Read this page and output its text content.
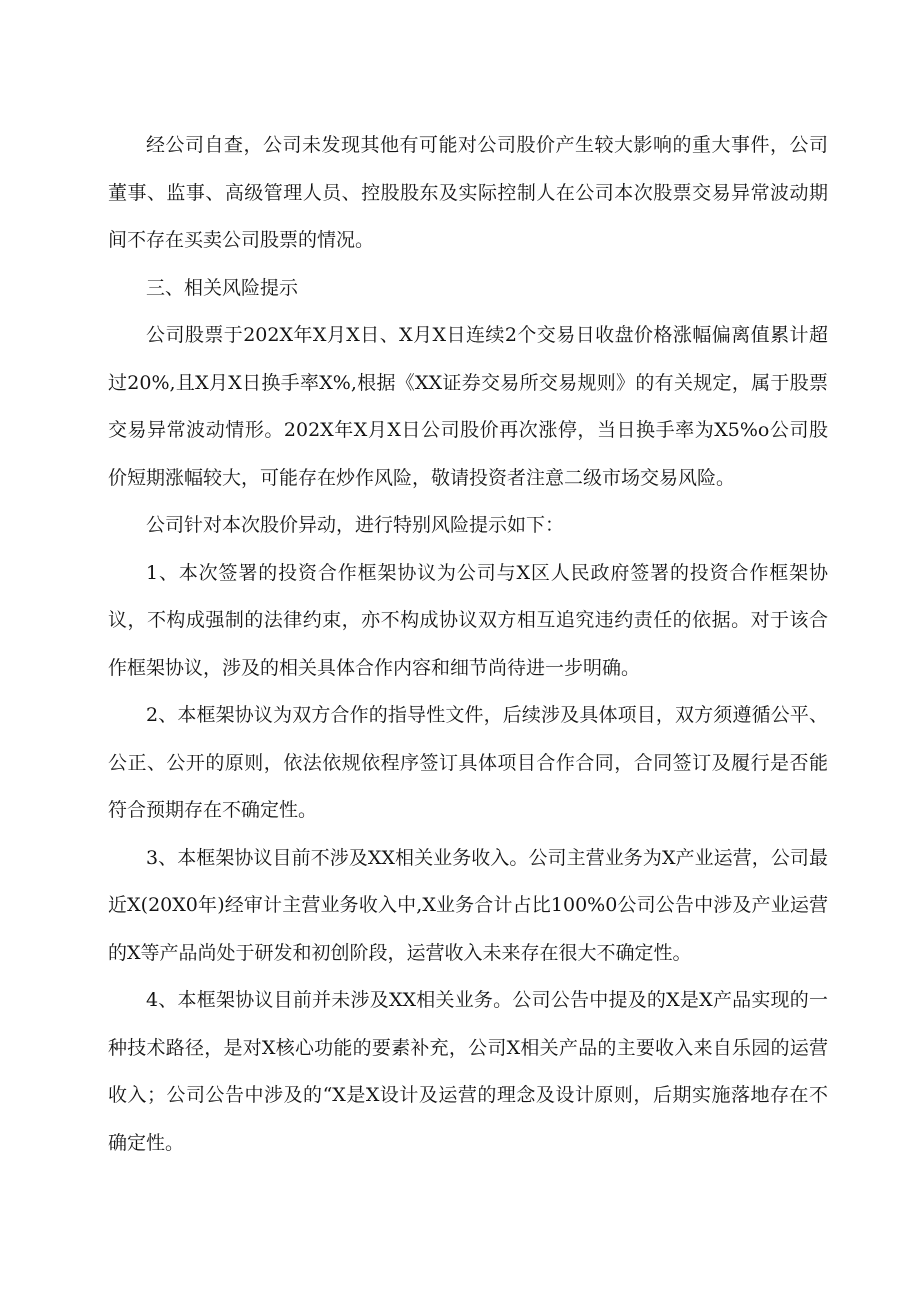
经公司自查，公司未发现其他有可能对公司股价产生较大影响的重大事件，公司董事、监事、高级管理人员、控股股东及实际控制人在公司本次股票交易异常波动期间不存在买卖公司股票的情况。

三、相关风险提示

公司股票于202X年X月X日、X月X日连续2个交易日收盘价格涨幅偏离值累计超过20%,且X月X日换手率X%,根据《XX证券交易所交易规则》的有关规定，属于股票交易异常波动情形。202X年X月X日公司股价再次涨停，当日换手率为X5%o公司股价短期涨幅较大，可能存在炒作风险，敬请投资者注意二级市场交易风险。

公司针对本次股价异动，进行特别风险提示如下：

1、本次签署的投资合作框架协议为公司与X区人民政府签署的投资合作框架协议，不构成强制的法律约束，亦不构成协议双方相互追究违约责任的依据。对于该合作框架协议，涉及的相关具体合作内容和细节尚待进一步明确。

2、本框架协议为双方合作的指导性文件，后续涉及具体项目，双方须遵循公平、公正、公开的原则，依法依规依程序签订具体项目合作合同，合同签订及履行是否能符合预期存在不确定性。

3、本框架协议目前不涉及XX相关业务收入。公司主营业务为X产业运营，公司最近X(20X0年)经审计主营业务收入中,X业务合计占比100%0公司公告中涉及产业运营的X等产品尚处于研发和初创阶段，运营收入未来存在很大不确定性。

4、本框架协议目前并未涉及XX相关业务。公司公告中提及的X是X产品实现的一种技术路径，是对X核心功能的要素补充，公司X相关产品的主要收入来自乐园的运营收入；公司公告中涉及的“X是X设计及运营的理念及设计原则，后期实施落地存在不确定性。
